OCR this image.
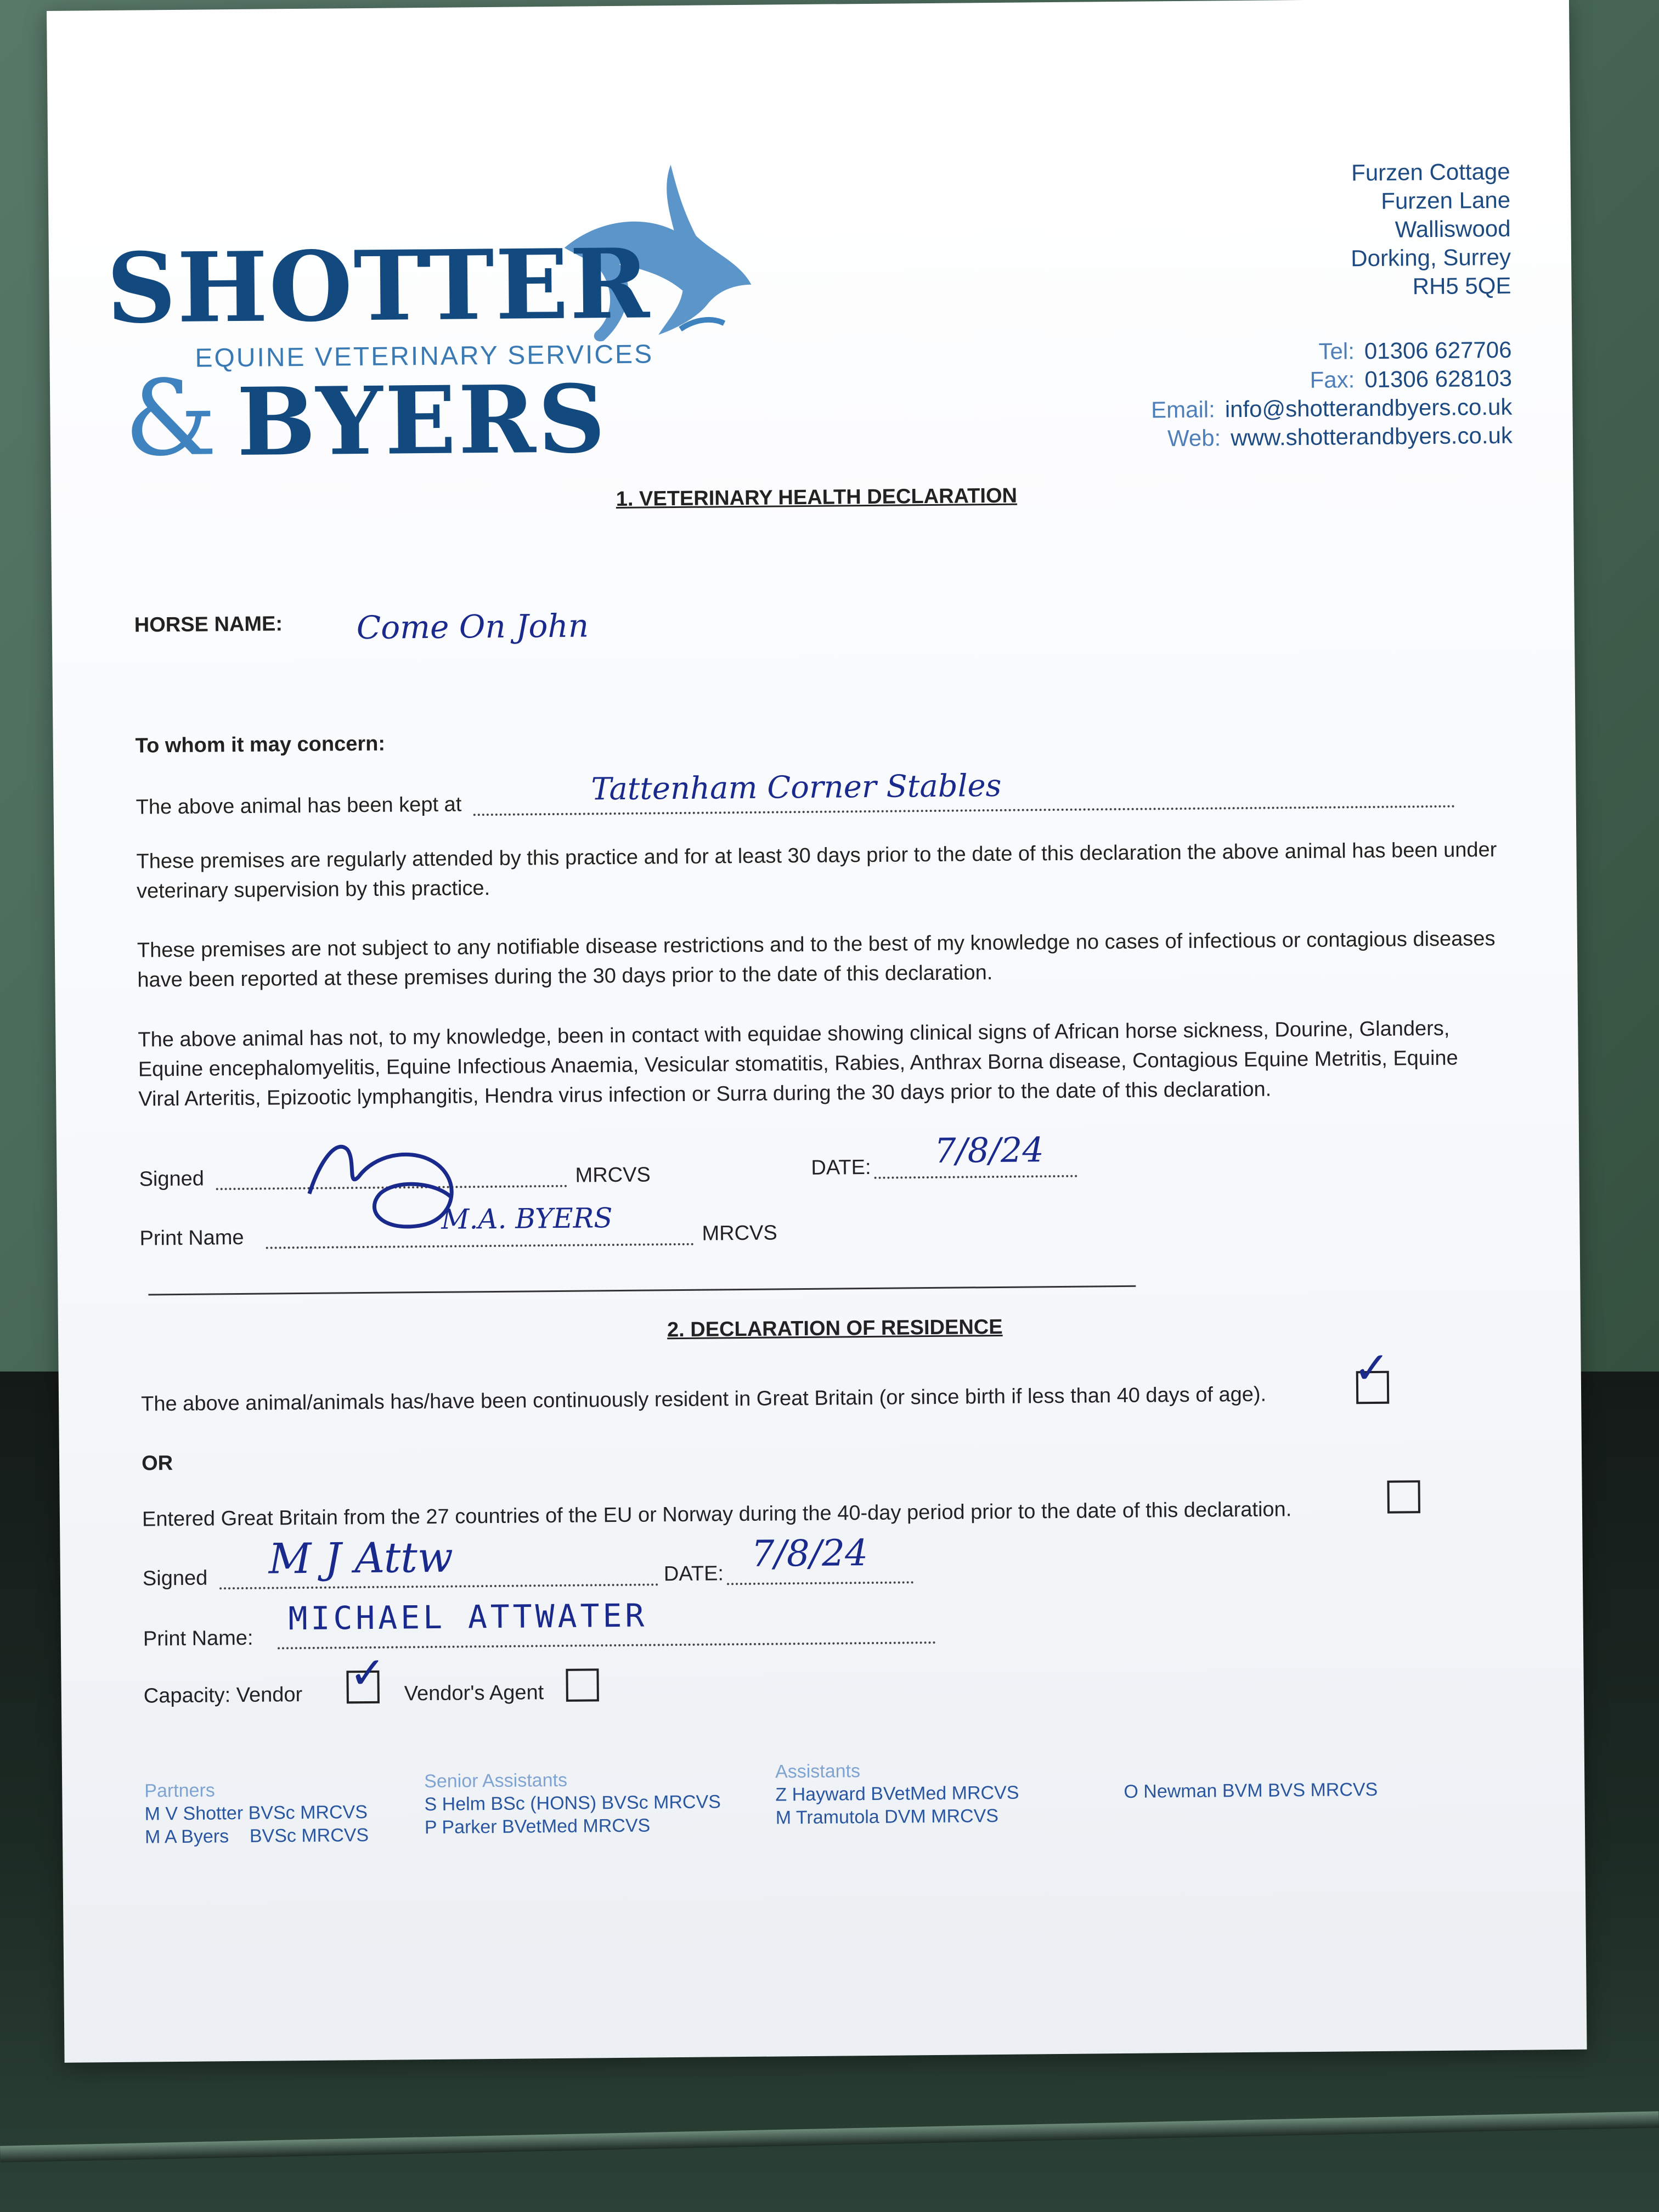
SHOTTER
EQUINE VETERINARY SERVICES
& BYERS
Furzen Cottage
Furzen Lane
Walliswood
Dorking, Surrey
RH5 5QE
Tel: 01306 627706
Fax: 01306 628103
Email: info@shotterandbyers.co.uk
Web: www.shotterandbyers.co.uk
1. VETERINARY HEALTH DECLARATION
HORSE NAME: Come On John
To whom it may concern:
The above animal has been kept at	Tattenham Corner Stables
These premises are regularly attended by this practice and for at least 30 days prior to the date of this declaration the above animal has been under veterinary supervision by this practice.
These premises are not subject to any notifiable disease restrictions and to the best of my knowledge no cases of infectious or contagious diseases have been reported at these premises during the 30 days prior to the date of this declaration.
The above animal has not, to my knowledge, been in contact with equidae showing clinical signs of African horse sickness, Dourine, Glanders, Equine encephalomyelitis, Equine Infectious Anaemia, Vesicular stomatitis, Rabies, Anthrax Borna disease, Contagious Equine Metritis, Equine Viral Arteritis, Epizootic lymphangitis, Hendra virus infection or Surra during the 30 days prior to the date of this declaration.
Signed	MRCVS	DATE: 7/8/24
Print Name
M.A. BYERS	MRCVS
2. DECLARATION OF RESIDENCE
The above animal/animals has/have been continuously resident in Great Britain (or since birth if less than 40 days of age).
✓
OR
Entered Great Britain from the 27 countries of the EU or Norway during the 40-day period prior to the date of this declaration.
Signed M J Attw	DATE: 7/8/24
Print Name:
MICHAEL ATTWATER
Capacity: Vendor ✓ Vendor's Agent
Partners
M V Shotter BVSc MRCVS
M A Byers    BVSc MRCVS
Senior Assistants
S Helm BSc (HONS) BVSc MRCVS
P Parker BVetMed MRCVS
Assistants
Z Hayward BVetMed MRCVS
M Tramutola DVM MRCVS
O Newman BVM BVS MRCVS
